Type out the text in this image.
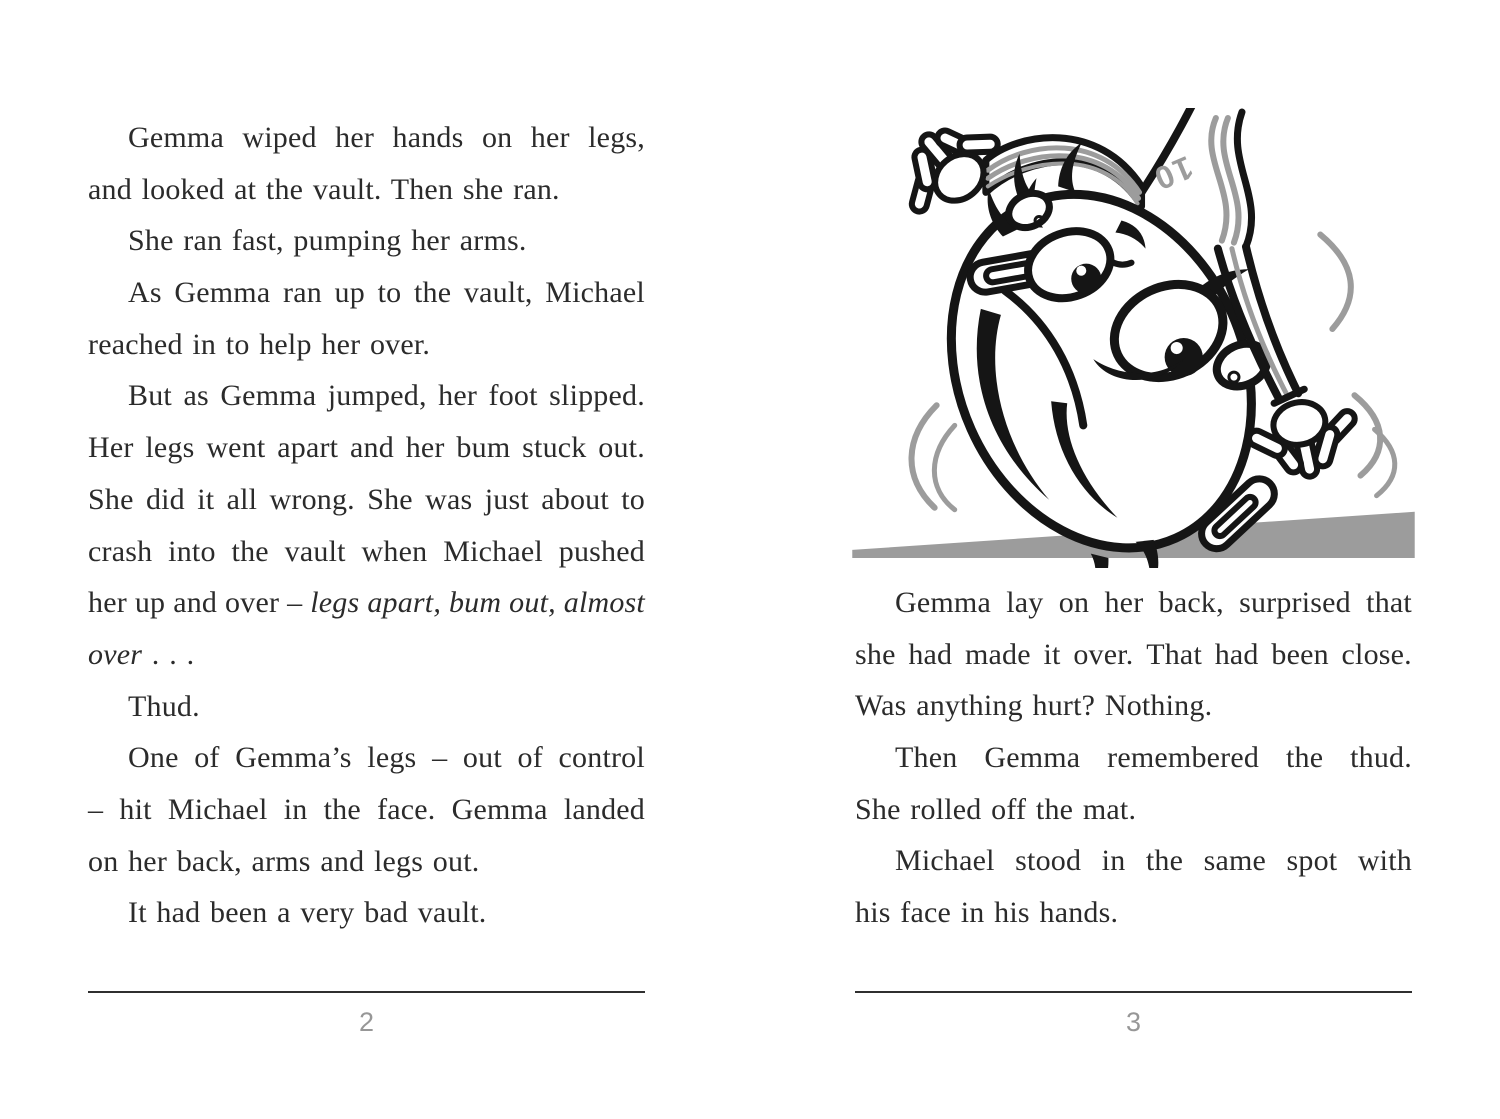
Gemma wiped her hands on her legs,
and looked at the vault. Then she ran.
She ran fast, pumping her arms.
As Gemma ran up to the vault, Michael
reached in to help her over.
But as Gemma jumped, her foot slipped.
Her legs went apart and her bum stuck out.
She did it all wrong. She was just about to
crash into the vault when Michael pushed
her up and over – legs apart, bum out, almost
over . . .
Thud.
One of Gemma’s legs – out of control
– hit Michael in the face. Gemma landed
on her back, arms and legs out.
It had been a very bad vault.
10
Gemma lay on her back, surprised that
she had made it over. That had been close.
Was anything hurt? Nothing.
Then Gemma remembered the thud.
She rolled off the mat.
Michael stood in the same spot with
his face in his hands.
2	3
